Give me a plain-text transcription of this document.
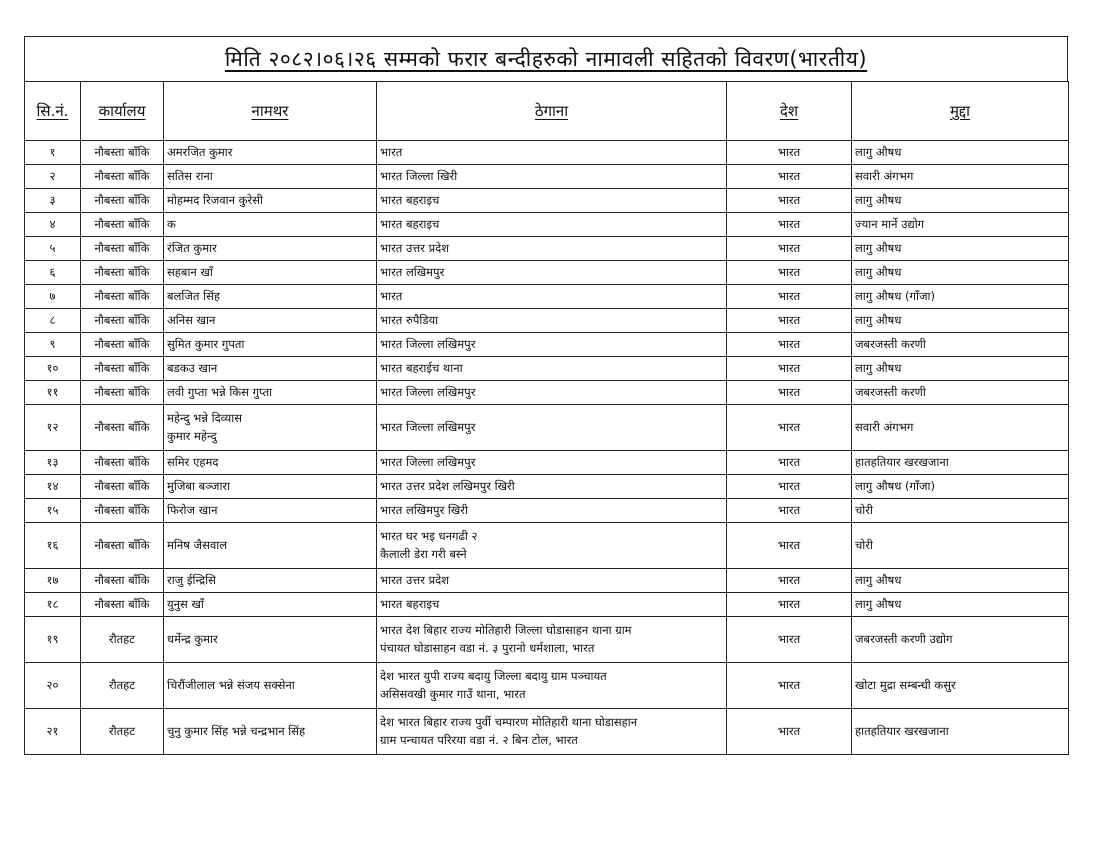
मिति २०८२।०६।२६ सम्मको फरार बन्दीहरुको नामावली सहितको विवरण(भारतीय)
सि.नं.	कार्यालय	नामथर	ठेगाना	देश	मुद्दा
१	नौबस्ता बाँकि	अमरजित कुमार	भारत	भारत	लागु औषध
२	नौबस्ता बाँकि	सतिस राना	भारत जिल्ला खिरी	भारत	सवारी अंगभग
३	नौबस्ता बाँकि	मोहम्मद रिजवान कुरेसी	भारत बहराइच	भारत	लागु औषध
४	नौबस्ता बाँकि	क	भारत बहराइच	भारत	ज्यान मार्ने उद्योग
५	नौबस्ता बाँकि	रंजित कुमार	भारत उत्तर प्रदेश	भारत	लागु औषध
६	नौबस्ता बाँकि	सहबान खाँ	भारत लखिमपुर	भारत	लागु औषध
७	नौबस्ता बाँकि	बलजित सिंह	भारत	भारत	लागु औषध (गाँजा)
८	नौबस्ता बाँकि	अनिस खान	भारत रुपैडिया	भारत	लागु औषध
९	नौबस्ता बाँकि	सुमित कुमार गुपता	भारत जिल्ला लखिमपुर	भारत	जबरजस्ती करणी
१०	नौबस्ता बाँकि	बडकउ खान	भारत बहराईच थाना	भारत	लागु औषध
११	नौबस्ता बाँकि	लवी गुप्ता भन्ने किस गुप्ता	भारत जिल्ला लखिमपुर	भारत	जबरजस्ती करणी
१२	नौबस्ता बाँकि	महेन्दु भन्ने दिव्यास
कुमार महेन्दु	भारत जिल्ला लखिमपुर	भारत	सवारी अंगभग
१३	नौबस्ता बाँकि	समिर एहमद	भारत जिल्ला लखिमपुर	भारत	हातहतियार खरखजाना
१४	नौबस्ता बाँकि	मुजिबा बञ्जारा	भारत उत्तर प्रदेश लखिमपुर खिरी	भारत	लागु औषध (गाँजा)
१५	नौबस्ता बाँकि	फिरोज खान	भारत लखिमपुर खिरी	भारत	चोरी
१६	नौबस्ता बाँकि	मनिष जैसवाल	भारत घर भइ धनगढी २
कैलाली डेरा गरी बस्ने	भारत	चोरी
१७	नौबस्ता बाँकि	राजु ईन्द्रिसि	भारत उत्तर प्रदेश	भारत	लागु औषध
१८	नौबस्ता बाँकि	युनुस खाँ	भारत बहराइच	भारत	लागु औषध
१९	रौतहट	धर्मेन्द्र कुमार	भारत देश बिहार राज्य मोतिहारी जिल्ला घोडासाहन थाना ग्राम
पंचायत घोडासाहन वडा नं. ३ पुरानो धर्मशाला, भारत	भारत	जबरजस्ती करणी उद्योग
२०	रौतहट	चिरौंजीलाल भन्ने संजय सक्सेना	देश भारत युपी राज्य बदायु जिल्ला बदायु ग्राम पञ्चायत
असिसवखी कुमार गाउँ थाना, भारत	भारत	खोटा मुद्रा सम्बन्धी कसुर
२१	रौतहट	चुनु कुमार सिंह भन्ने चन्द्रभान सिंह	देश भारत बिहार राज्य पुर्वी चम्पारण मोतिहारी थाना घोडासहान
ग्राम पन्चायत परिरया वडा नं. २ बिन टोल, भारत	भारत	हातहतियार खरखजाना
